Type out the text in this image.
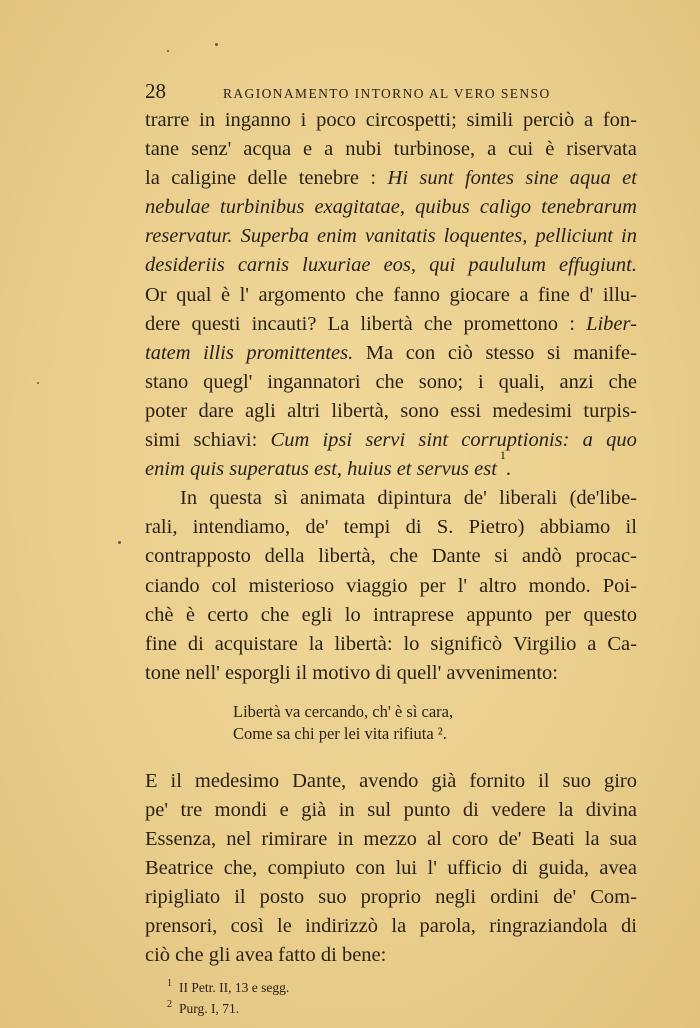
28	RAGIONAMENTO INTORNO AL VERO SENSO
trarre in inganno i poco circospetti; simili perciò a fon-
tane senz' acqua e a nubi turbinose, a cui è riservata
la caligine delle tenebre : Hi sunt fontes sine aqua et
nebulae turbinibus exagitatae, quibus caligo tenebrarum
reservatur. Superba enim vanitatis loquentes, pelliciunt in
desideriis carnis luxuriae eos, qui paululum effugiunt.
Or qual è l' argomento che fanno giocare a fine d' illu-
dere questi incauti? La libertà che promettono : Liber-
tatem illis promittentes. Ma con ciò stesso si manife-
stano quegl' ingannatori che sono; i quali, anzi che
poter dare agli altri libertà, sono essi medesimi turpis-
simi schiavi: Cum ipsi servi sint corruptionis: a quo
enim quis superatus est, huius et servus est
1
.
In questa sì animata dipintura de' liberali (de'libe-
rali, intendiamo, de' tempi di S. Pietro) abbiamo il
contrapposto della libertà, che Dante si andò procac-
ciando col misterioso viaggio per l' altro mondo. Poi-
chè è certo che egli lo intraprese appunto per questo
fine di acquistare la libertà: lo significò Virgilio a Ca-
tone nell' esporgli il motivo di quell' avvenimento:
Libertà va cercando, ch' è sì cara,
Come sa chi per lei vita rifiuta ².
E il medesimo Dante, avendo già fornito il suo giro
pe' tre mondi e già in sul punto di vedere la divina
Essenza, nel rimirare in mezzo al coro de' Beati la sua
Beatrice che, compiuto con lui l' ufficio di guida, avea
ripigliato il posto suo proprio negli ordini de' Com-
prensori, così le indirizzò la parola, ringraziandola di
ciò che gli avea fatto di bene:
$^1$ II Petr. II, 13 e segg.
$^2$ Purg. I, 71.
